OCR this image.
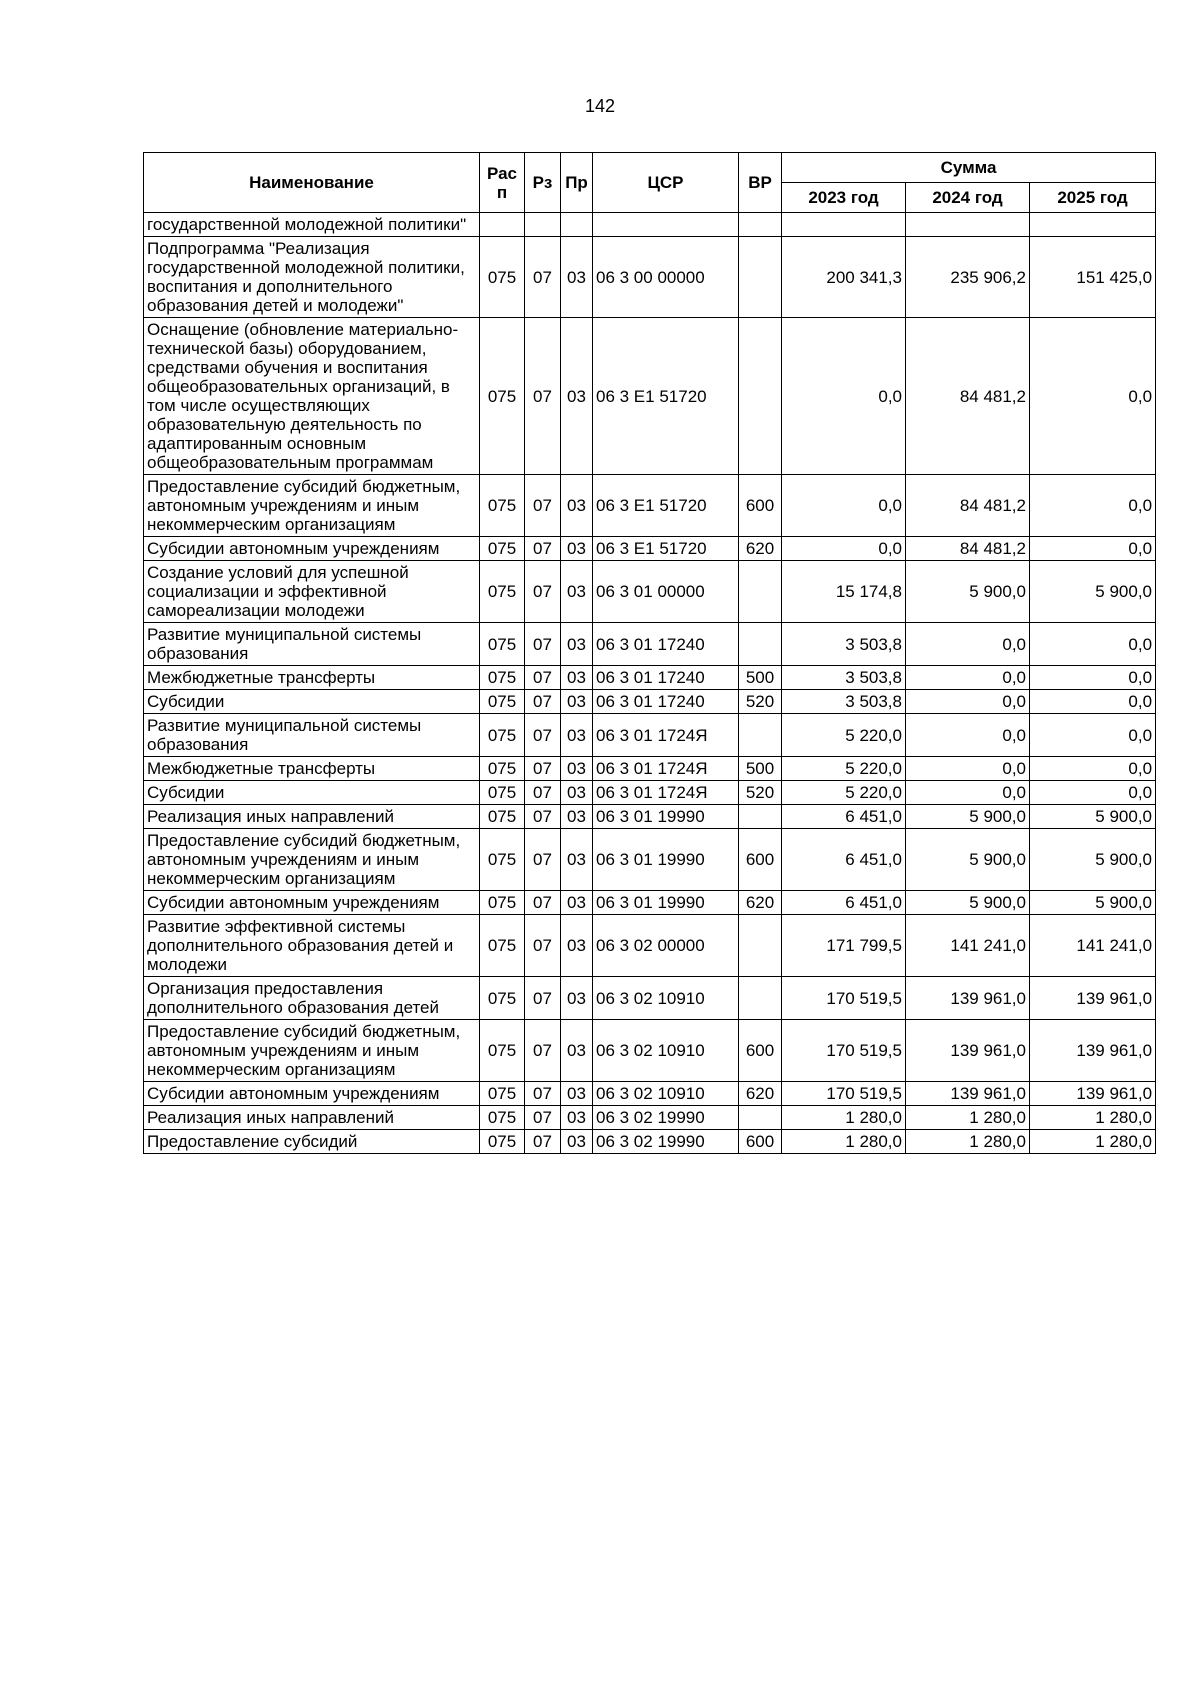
142
Наименование	Рас п	Рз	Пр	ЦСР	ВР	Сумма		
						2023 год	2024 год	2025 год
государственной молодежной политики"								
Подпрограмма "Реализация государственной молодежной политики, воспитания и дополнительного образования детей и молодежи"	075	07	03	06 3 00 00000		200 341,3	235 906,2	151 425,0
Оснащение (обновление материально-технической базы) оборудованием, средствами обучения и воспитания общеобразовательных организаций, в том числе осуществляющих образовательную деятельность по адаптированным основным общеобразовательным программам	075	07	03	06 3 E1 51720		0,0	84 481,2	0,0
Предоставление субсидий бюджетным, автономным учреждениям и иным некоммерческим организациям	075	07	03	06 3 E1 51720	600	0,0	84 481,2	0,0
Субсидии автономным учреждениям	075	07	03	06 3 E1 51720	620	0,0	84 481,2	0,0
Создание условий для успешной социализации и эффективной самореализации молодежи	075	07	03	06 3 01 00000		15 174,8	5 900,0	5 900,0
Развитие муниципальной системы образования	075	07	03	06 3 01 17240		3 503,8	0,0	0,0
Межбюджетные трансферты	075	07	03	06 3 01 17240	500	3 503,8	0,0	0,0
Субсидии	075	07	03	06 3 01 17240	520	3 503,8	0,0	0,0
Развитие муниципальной системы образования	075	07	03	06 3 01 1724Я		5 220,0	0,0	0,0
Межбюджетные трансферты	075	07	03	06 3 01 1724Я	500	5 220,0	0,0	0,0
Субсидии	075	07	03	06 3 01 1724Я	520	5 220,0	0,0	0,0
Реализация иных направлений	075	07	03	06 3 01 19990		6 451,0	5 900,0	5 900,0
Предоставление субсидий бюджетным, автономным учреждениям и иным некоммерческим организациям	075	07	03	06 3 01 19990	600	6 451,0	5 900,0	5 900,0
Субсидии автономным учреждениям	075	07	03	06 3 01 19990	620	6 451,0	5 900,0	5 900,0
Развитие эффективной системы дополнительного образования детей и молодежи	075	07	03	06 3 02 00000		171 799,5	141 241,0	141 241,0
Организация предоставления дополнительного образования детей	075	07	03	06 3 02 10910		170 519,5	139 961,0	139 961,0
Предоставление субсидий бюджетным, автономным учреждениям и иным некоммерческим организациям	075	07	03	06 3 02 10910	600	170 519,5	139 961,0	139 961,0
Субсидии автономным учреждениям	075	07	03	06 3 02 10910	620	170 519,5	139 961,0	139 961,0
Реализация иных направлений	075	07	03	06 3 02 19990		1 280,0	1 280,0	1 280,0
Предоставление субсидий	075	07	03	06 3 02 19990	600	1 280,0	1 280,0	1 280,0
